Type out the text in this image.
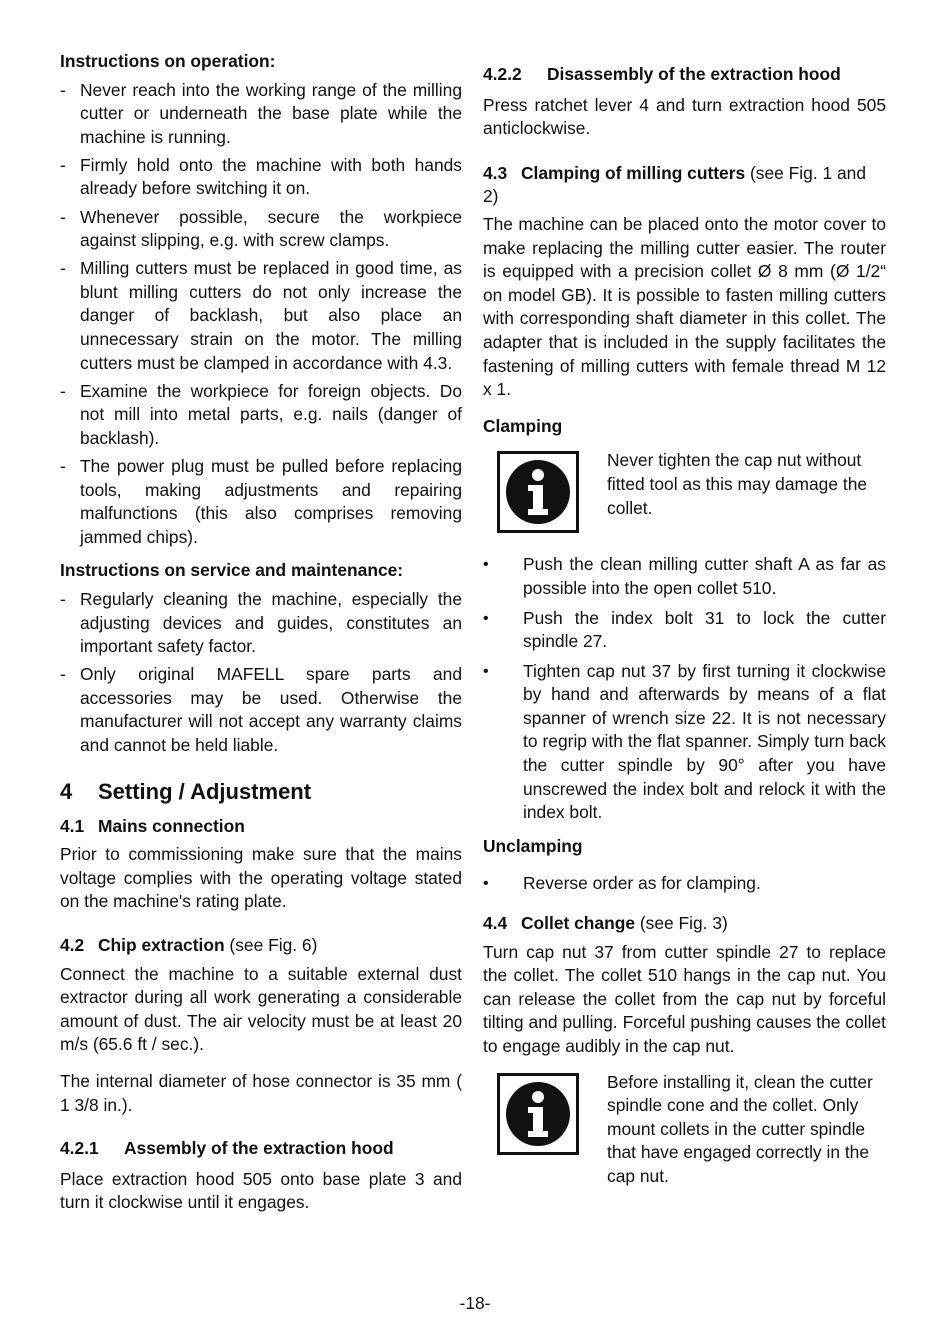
Instructions on operation:

- Never reach into the working range of the milling cutter or underneath the base plate while the machine is running.
- Firmly hold onto the machine with both hands already before switching it on.
- Whenever possible, secure the workpiece against slipping, e.g. with screw clamps.
- Milling cutters must be replaced in good time, as blunt milling cutters do not only increase the danger of backlash, but also place an unnecessary strain on the motor. The milling cutters must be clamped in accordance with 4.3.
- Examine the workpiece for foreign objects. Do not mill into metal parts, e.g. nails (danger of backlash).
- The power plug must be pulled before replacing tools, making adjustments and repairing malfunctions (this also comprises removing jammed chips).

Instructions on service and maintenance:

- Regularly cleaning the machine, especially the adjusting devices and guides, constitutes an important safety factor.
- Only original MAFELL spare parts and accessories may be used. Otherwise the manufacturer will not accept any warranty claims and cannot be held liable.
4 Setting / Adjustment
4.1 Mains connection

Prior to commissioning make sure that the mains voltage complies with the operating voltage stated on the machine's rating plate.

4.2 Chip extraction (see Fig. 6)

Connect the machine to a suitable external dust extractor during all work generating a considerable amount of dust. The air velocity must be at least 20 m/s (65.6 ft / sec.).

The internal diameter of hose connector is 35 mm ( 1 3/8 in.).

4.2.1 Assembly of the extraction hood

Place extraction hood 505 onto base plate 3 and turn it clockwise until it engages.

4.2.2 Disassembly of the extraction hood

Press ratchet lever 4 and turn extraction hood 505 anticlockwise.

4.3 Clamping of milling cutters (see Fig. 1 and 2)

The machine can be placed onto the motor cover to make replacing the milling cutter easier. The router is equipped with a precision collet Ø 8 mm (Ø 1/2“ on model GB). It is possible to fasten milling cutters with corresponding shaft diameter in this collet. The adapter that is included in the supply facilitates the fastening of milling cutters with female thread M 12 x 1.

Clamping

Never tighten the cap nut without fitted tool as this may damage the collet.

• Push the clean milling cutter shaft A as far as possible into the open collet 510.
• Push the index bolt 31 to lock the cutter spindle 27.
• Tighten cap nut 37 by first turning it clockwise by hand and afterwards by means of a flat spanner of wrench size 22. It is not necessary to regrip with the flat spanner. Simply turn back the cutter spindle by 90° after you have unscrewed the index bolt and relock it with the index bolt.

Unclamping

• Reverse order as for clamping.
4.4 Collet change (see Fig. 3)

Turn cap nut 37 from cutter spindle 27 to replace the collet. The collet 510 hangs in the cap nut. You can release the collet from the cap nut by forceful tilting and pulling. Forceful pushing causes the collet to engage audibly in the cap nut.

Before installing it, clean the cutter spindle cone and the collet. Only mount collets in the cutter spindle that have engaged correctly in the cap nut.

-18-
